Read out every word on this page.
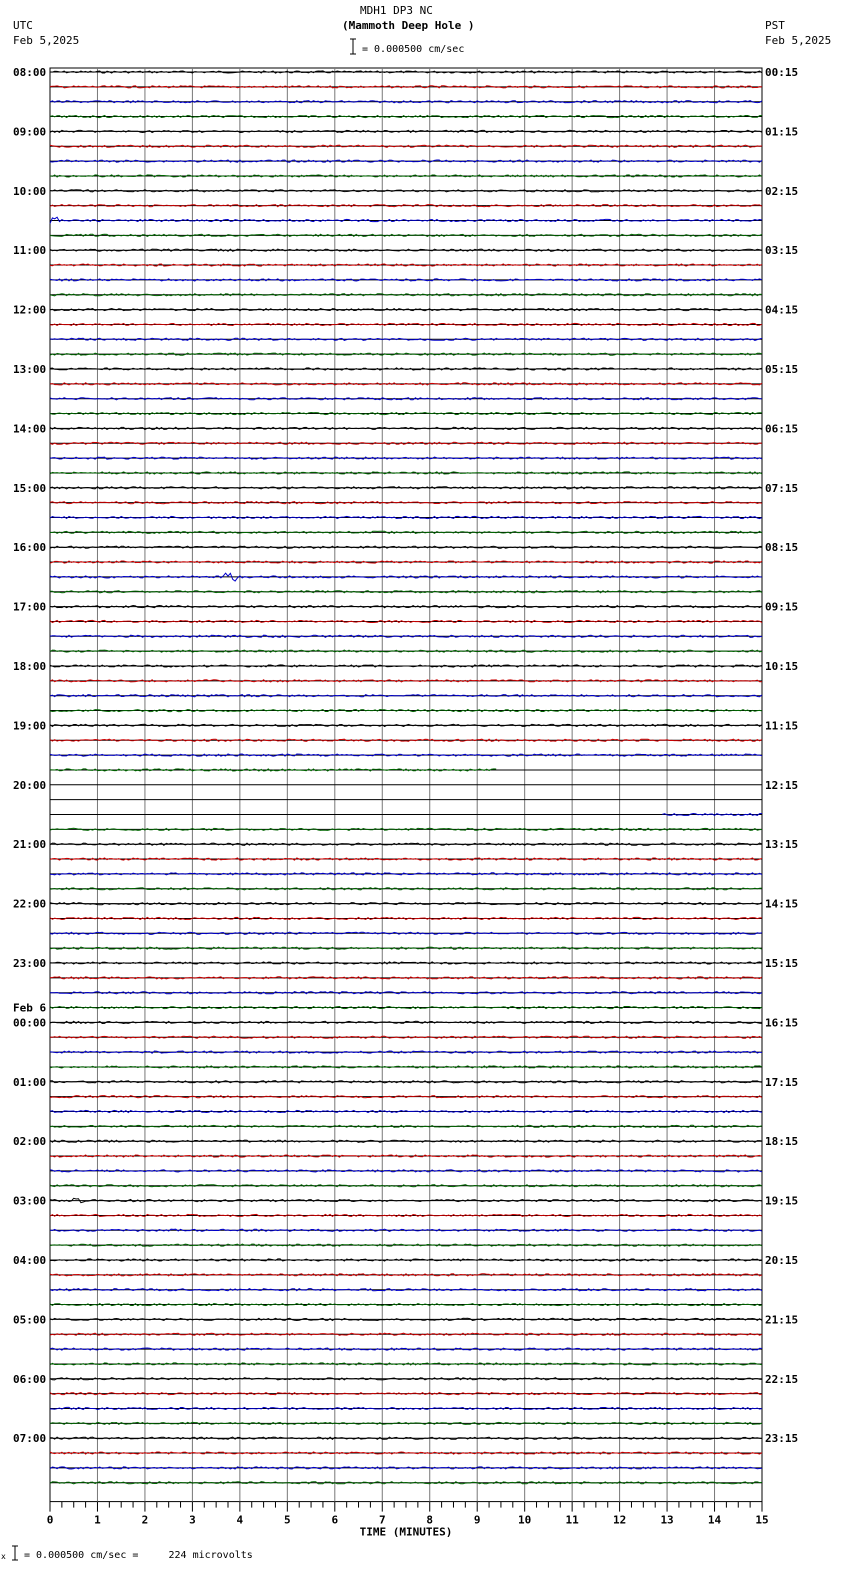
MDH1 DP3 NC
(Mammoth Deep Hole )
UTC
Feb 5,2025
PST
Feb 5,2025
= 0.000500 cm/sec
08:00	00:15
09:00	01:15
10:00	02:15
11:00	03:15
12:00	04:15
13:00	05:15
14:00	06:15
15:00	07:15
16:00	08:15
17:00	09:15
18:00	10:15
19:00	11:15
20:00	12:15
21:00	13:15
22:00	14:15
23:00	15:15
00:00	16:15
01:00	17:15
02:00	18:15
03:00	19:15
04:00	20:15
05:00	21:15
06:00	22:15
07:00	23:15
Feb 6
0	1	2	3	4	5	6	7	8	9	10	11	12	13	14	15
TIME (MINUTES)
x = 0.000500 cm/sec =     224 microvolts
